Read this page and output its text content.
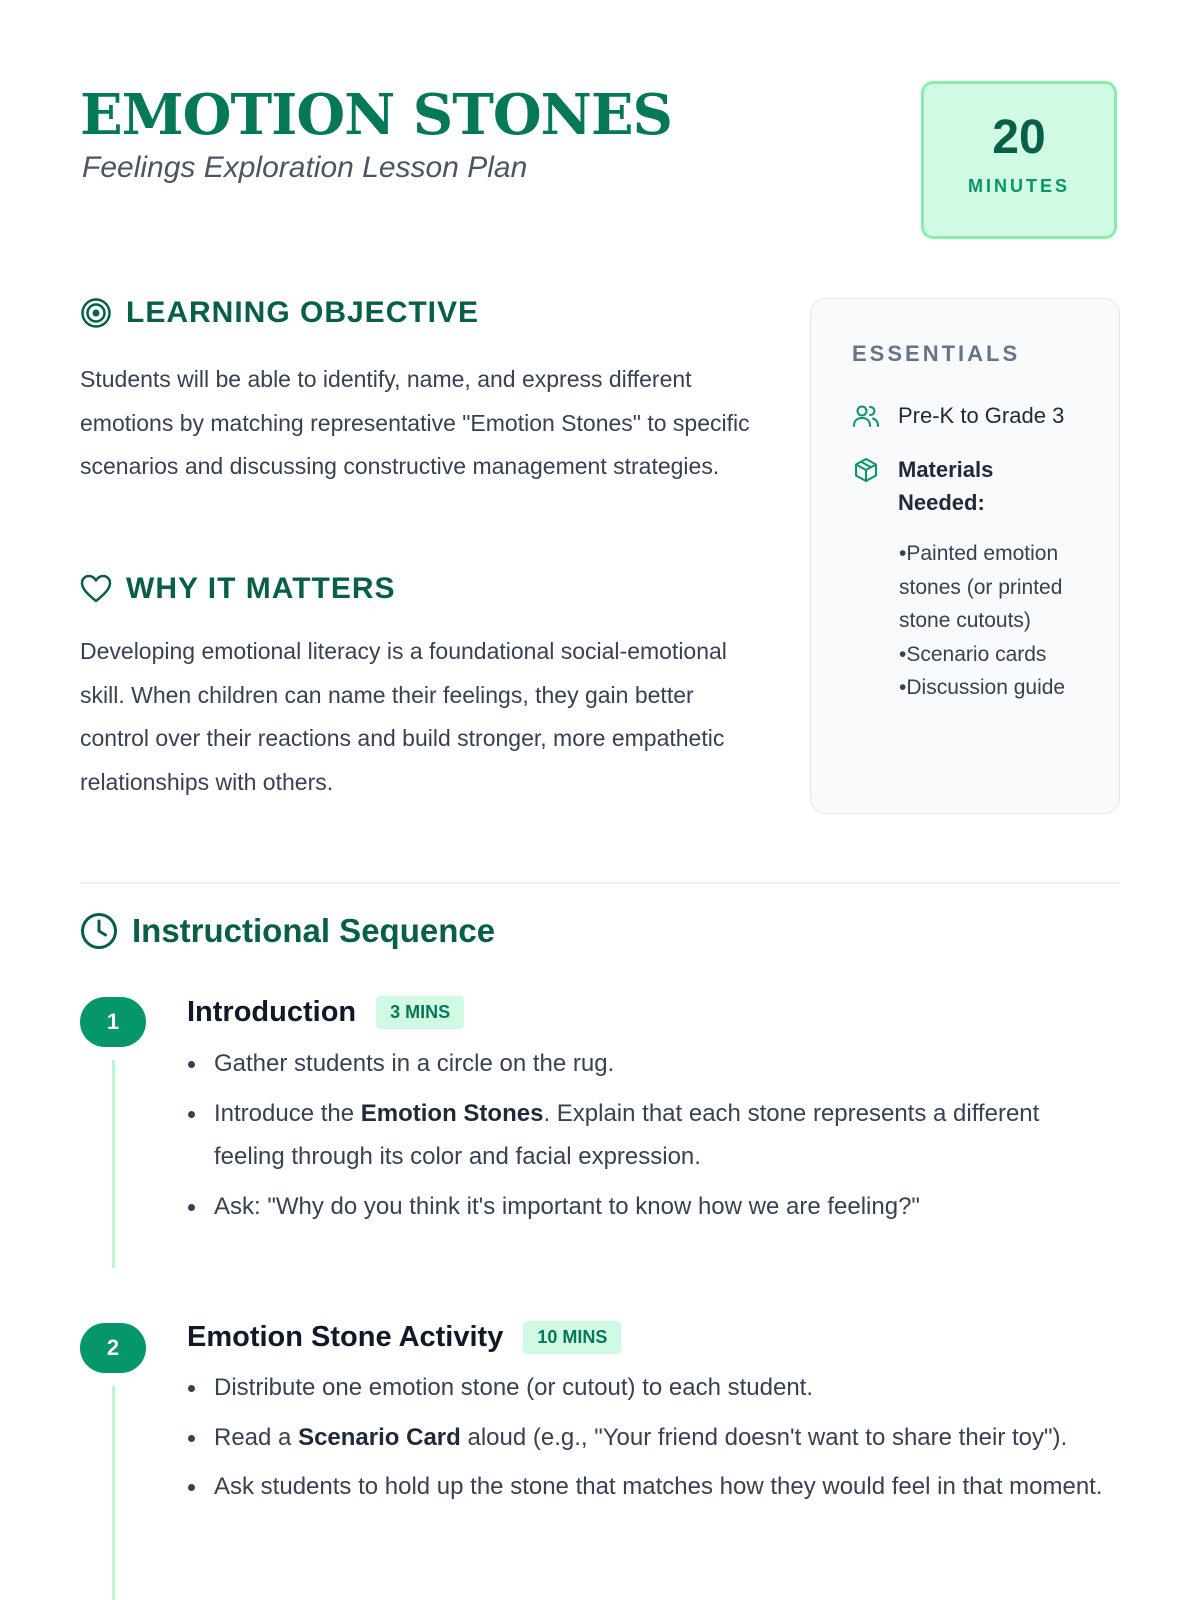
EMOTION STONES
Feelings Exploration Lesson Plan
20
MINUTES
LEARNING OBJECTIVE

Students will be able to identify, name, and express different emotions by matching representative "Emotion Stones" to specific scenarios and discussing constructive management strategies.

WHY IT MATTERS

Developing emotional literacy is a foundational social-emotional skill. When children can name their feelings, they gain better control over their reactions and build stronger, more empathetic relationships with others.

ESSENTIALS
Pre-K to Grade 3
Materials Needed:
• Painted emotion stones (or printed stone cutouts)
• Scenario cards
• Discussion guide
Instructional Sequence
1	Introduction	3 MINS
Gather students in a circle on the rug.
Introduce the Emotion Stones. Explain that each stone represents a different feeling through its color and facial expression.
Ask: "Why do you think it's important to know how we are feeling?"
2	Emotion Stone Activity	10 MINS
Distribute one emotion stone (or cutout) to each student.
Read a Scenario Card aloud (e.g., "Your friend doesn't want to share their toy").
Ask students to hold up the stone that matches how they would feel in that moment.
